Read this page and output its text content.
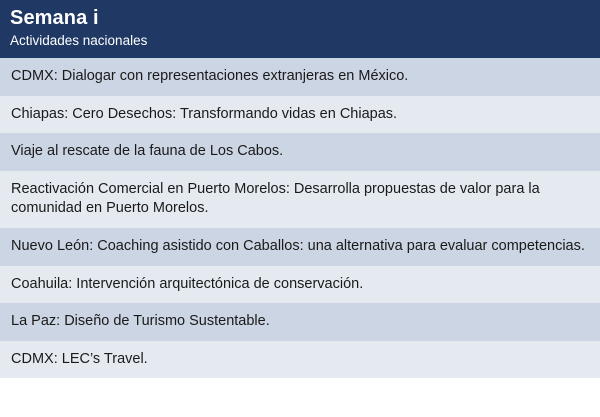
Semana i
Actividades nacionales
CDMX: Dialogar con representaciones extranjeras en México.
Chiapas: Cero Desechos: Transformando vidas en Chiapas.
Viaje al rescate de la fauna de Los Cabos.
Reactivación Comercial en Puerto Morelos: Desarrolla propuestas de valor para la comunidad en Puerto Morelos.
Nuevo León: Coaching asistido con Caballos: una alternativa para evaluar competencias.
Coahuila: Intervención arquitectónica de conservación.
La Paz: Diseño de Turismo Sustentable.
CDMX: LEC’s Travel.
